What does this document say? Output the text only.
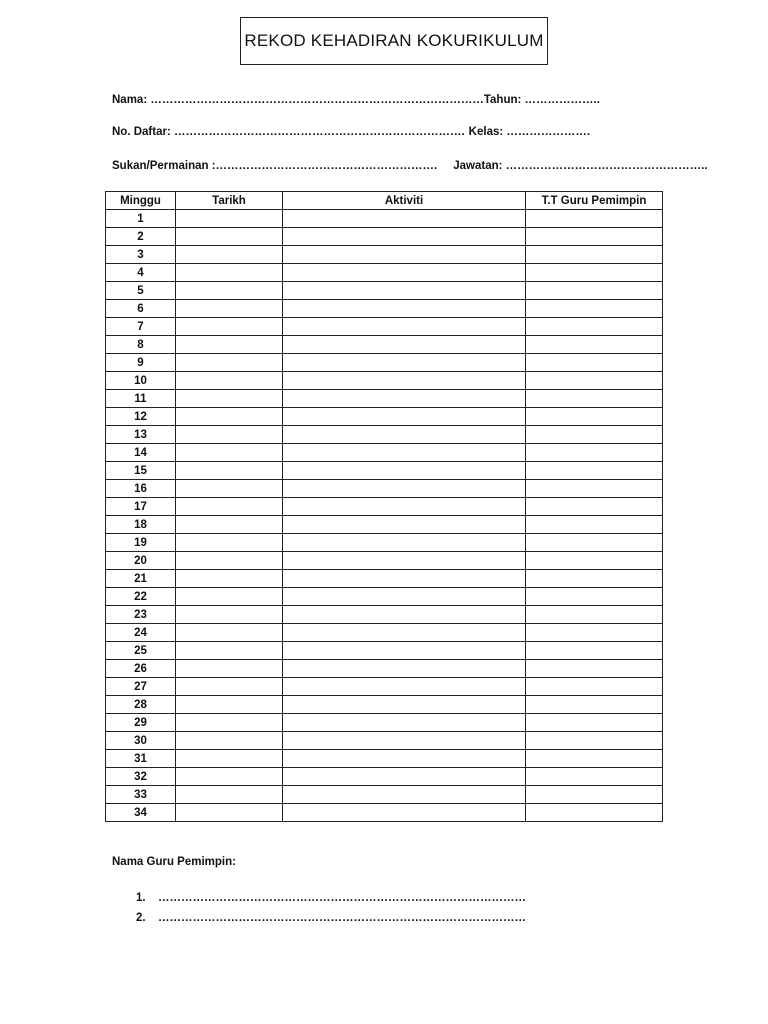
REKOD KEHADIRAN KOKURIKULUM
Nama: ……………………………………………………………………………Tahun: ………………..
No. Daftar: …………………………………………………………………. Kelas: ………………….
Sukan/Permainan :…………………………………………………. Jawatan: ……………………………………………..
Minggu	Tarikh	Aktiviti	T.T Guru Pemimpin
1			
2			
3			
4			
5			
6			
7			
8			
9			
10			
11			
12			
13			
14			
15			
16			
17			
18			
19			
20			
21			
22			
23			
24			
25			
26			
27			
28			
29			
30			
31			
32			
33			
34			
Nama Guru Pemimpin:
1. ……………………………………………………………………………………
2. ……………………………………………………………………………………
